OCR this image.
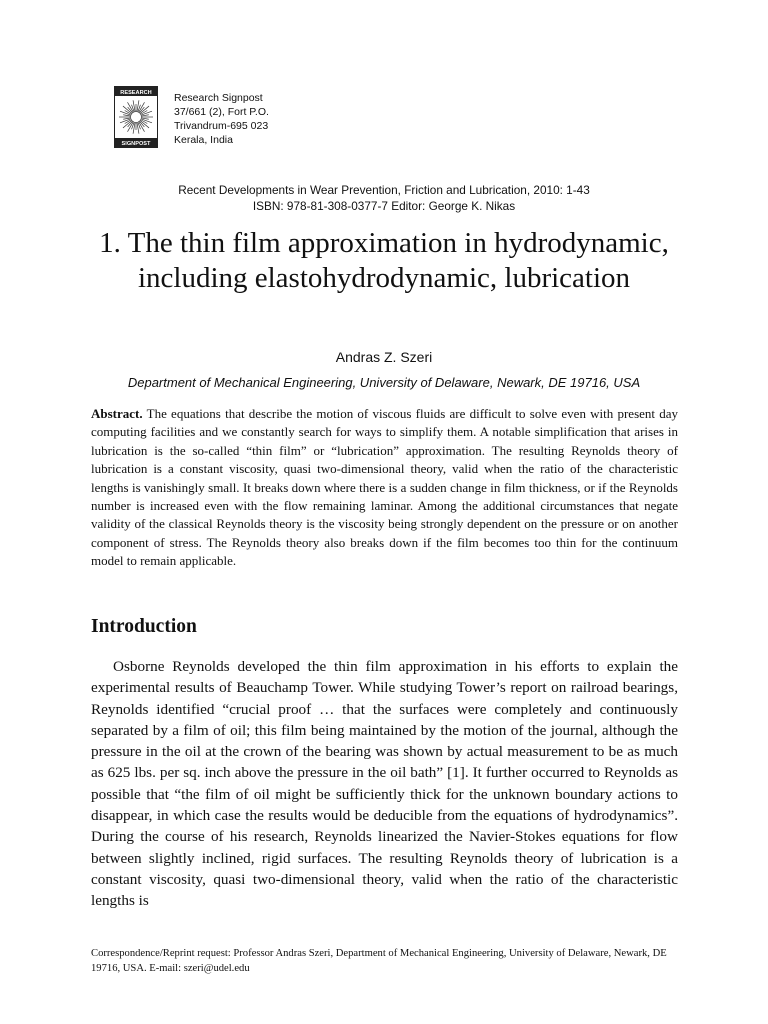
RESEARCH
SIGNPOST
Research Signpost
37/661 (2), Fort P.O.
Trivandrum-695 023
Kerala, India
Recent Developments in Wear Prevention, Friction and Lubrication, 2010: 1-43
ISBN: 978-81-308-0377-7 Editor: George K. Nikas
1. The thin film approximation in hydrodynamic, including elastohydrodynamic, lubrication
Andras Z. Szeri
Department of Mechanical Engineering, University of Delaware, Newark, DE 19716, USA
Abstract. The equations that describe the motion of viscous fluids are difficult to solve even with present day computing facilities and we constantly search for ways to simplify them. A notable simplification that arises in lubrication is the so-called “thin film” or “lubrication” approximation. The resulting Reynolds theory of lubrication is a constant viscosity, quasi two-dimensional theory, valid when the ratio of the characteristic lengths is vanishingly small. It breaks down where there is a sudden change in film thickness, or if the Reynolds number is increased even with the flow remaining laminar. Among the additional circumstances that negate validity of the classical Reynolds theory is the viscosity being strongly dependent on the pressure or on another component of stress. The Reynolds theory also breaks down if the film becomes too thin for the continuum model to remain applicable.
Introduction
Osborne Reynolds developed the thin film approximation in his efforts to explain the experimental results of Beauchamp Tower. While studying Tower’s report on railroad bearings, Reynolds identified “crucial proof … that the surfaces were completely and continuously separated by a film of oil; this film being maintained by the motion of the journal, although the pressure in the oil at the crown of the bearing was shown by actual measurement to be as much as 625 lbs. per sq. inch above the pressure in the oil bath” [1]. It further occurred to Reynolds as possible that “the film of oil might be sufficiently thick for the unknown boundary actions to disappear, in which case the results would be deducible from the equations of hydrodynamics”. During the course of his research, Reynolds linearized the Navier-Stokes equations for flow between slightly inclined, rigid surfaces. The resulting Reynolds theory of lubrication is a constant viscosity, quasi two-dimensional theory, valid when the ratio of the characteristic lengths is
Correspondence/Reprint request: Professor Andras Szeri, Department of Mechanical Engineering, University of Delaware, Newark, DE 19716, USA. E-mail: szeri@udel.edu
